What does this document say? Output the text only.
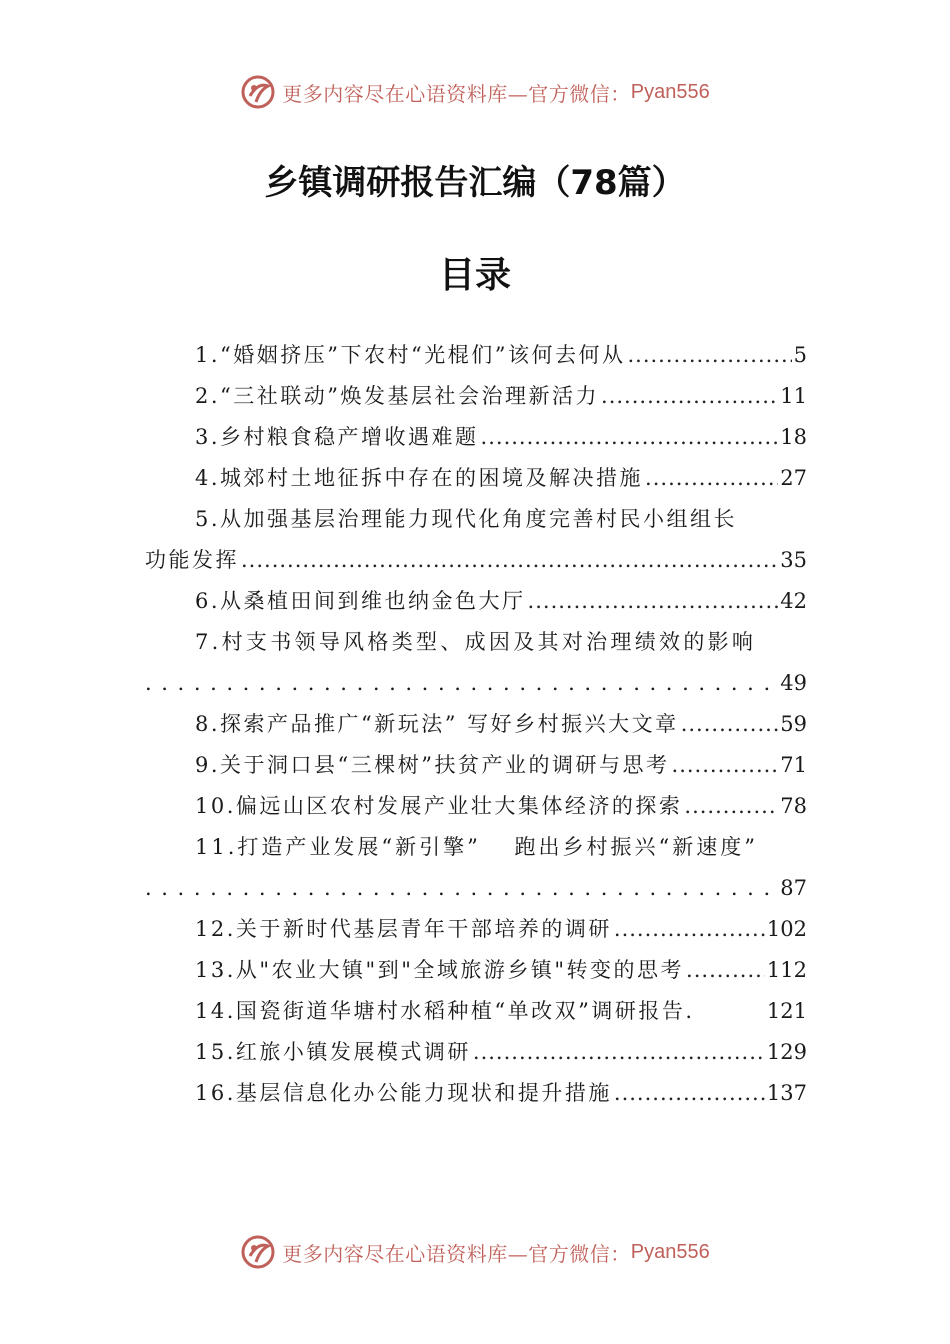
更多内容尽在心语资料库—官方微信： Pyan556
乡镇调研报告汇编（78篇）
目录
1.“婚姻挤压”下农村“光棍们”该何去何从 .....	5
2.“三社联动”焕发基层社会治理新活力 .....	11
3.乡村粮食稳产增收遇难题 .....	18
4.城郊村土地征拆中存在的困境及解决措施 .....	27
5.从加强基层治理能力现代化角度完善村民小组组长
功能发挥 .....	35
6.从桑植田间到维也纳金色大厅 .....	42
7.村支书领导风格类型、成因及其对治理绩效的影响
.....
49
8.探索产品推广“新玩法” 写好乡村振兴大文章 .....	59
9.关于洞口县“三棵树”扶贫产业的调研与思考 .....	71
10.偏远山区农村发展产业壮大集体经济的探索 .....	78
11.打造产业发展“新引擎”　 跑出乡村振兴“新速度”
.....
87
12.关于新时代基层青年干部培养的调研 .....	102
13.从"农业大镇"到"全域旅游乡镇"转变的思考 .....	112
14.国瓷街道华塘村水稻种植“单改双”调研报告.	121
15.红旅小镇发展模式调研 .....	129
16.基层信息化办公能力现状和提升措施 .....	137
更多内容尽在心语资料库—官方微信： Pyan556
